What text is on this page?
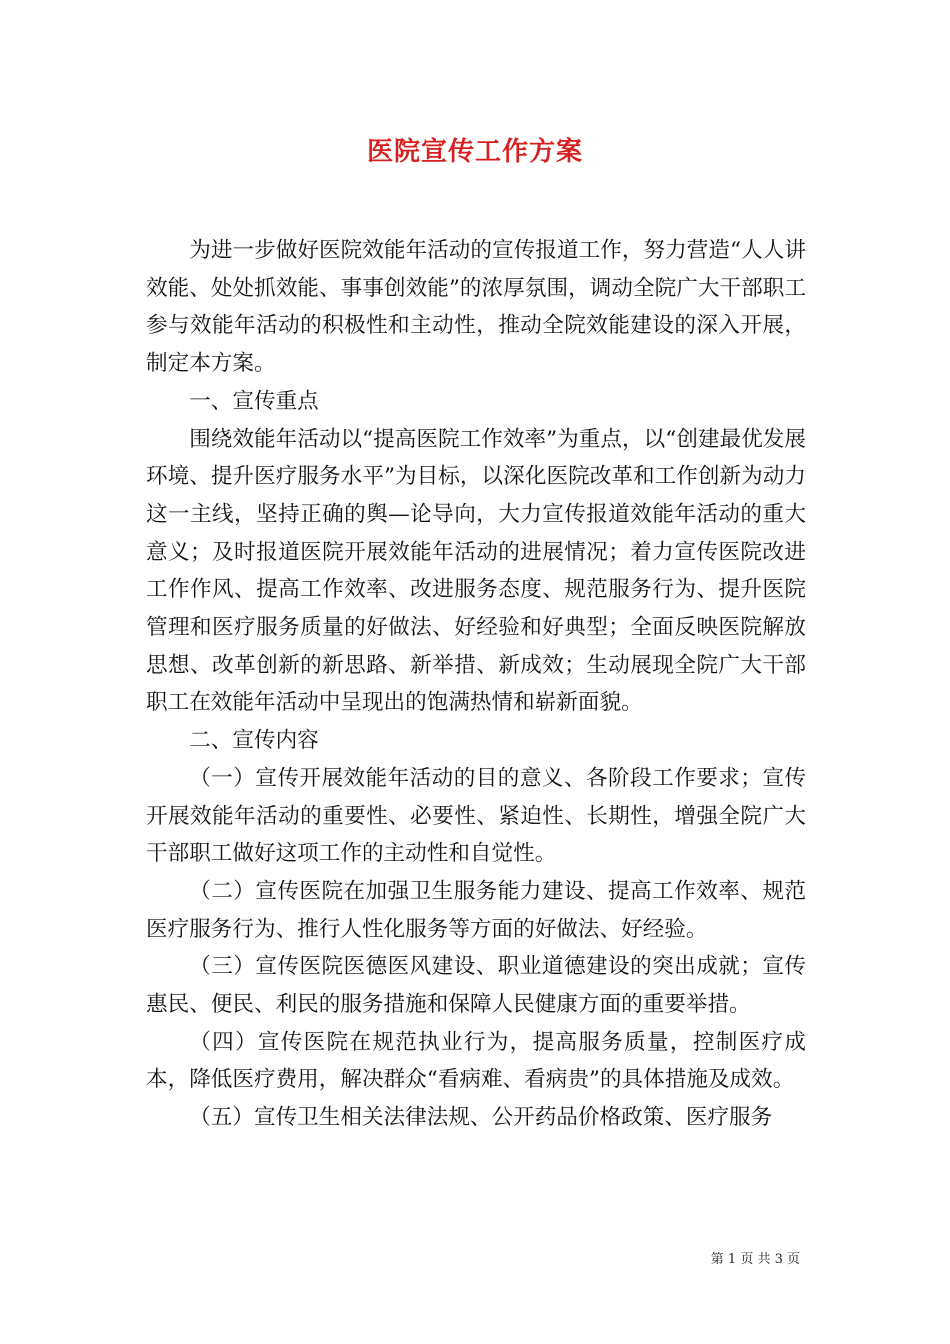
医院宣传工作方案

为进一步做好医院效能年活动的宣传报道工作，努力营造“人人讲效能、处处抓效能、事事创效能”的浓厚氛围，调动全院广大干部职工参与效能年活动的积极性和主动性，推动全院效能建设的深入开展，制定本方案。

一、宣传重点

围绕效能年活动以“提高医院工作效率”为重点，以“创建最优发展环境、提升医疗服务水平”为目标，以深化医院改革和工作创新为动力这一主线，坚持正确的舆—论导向，大力宣传报道效能年活动的重大意义；及时报道医院开展效能年活动的进展情况；着力宣传医院改进工作作风、提高工作效率、改进服务态度、规范服务行为、提升医院管理和医疗服务质量的好做法、好经验和好典型；全面反映医院解放思想、改革创新的新思路、新举措、新成效；生动展现全院广大干部职工在效能年活动中呈现出的饱满热情和崭新面貌。

二、宣传内容

（一）宣传开展效能年活动的目的意义、各阶段工作要求；宣传开展效能年活动的重要性、必要性、紧迫性、长期性，增强全院广大干部职工做好这项工作的主动性和自觉性。

（二）宣传医院在加强卫生服务能力建设、提高工作效率、规范医疗服务行为、推行人性化服务等方面的好做法、好经验。

（三）宣传医院医德医风建设、职业道德建设的突出成就；宣传惠民、便民、利民的服务措施和保障人民健康方面的重要举措。

（四）宣传医院在规范执业行为，提高服务质量，控制医疗成本，降低医疗费用，解决群众“看病难、看病贵”的具体措施及成效。

（五）宣传卫生相关法律法规、公开药品价格政策、医疗服务

第 1 页 共 3 页
